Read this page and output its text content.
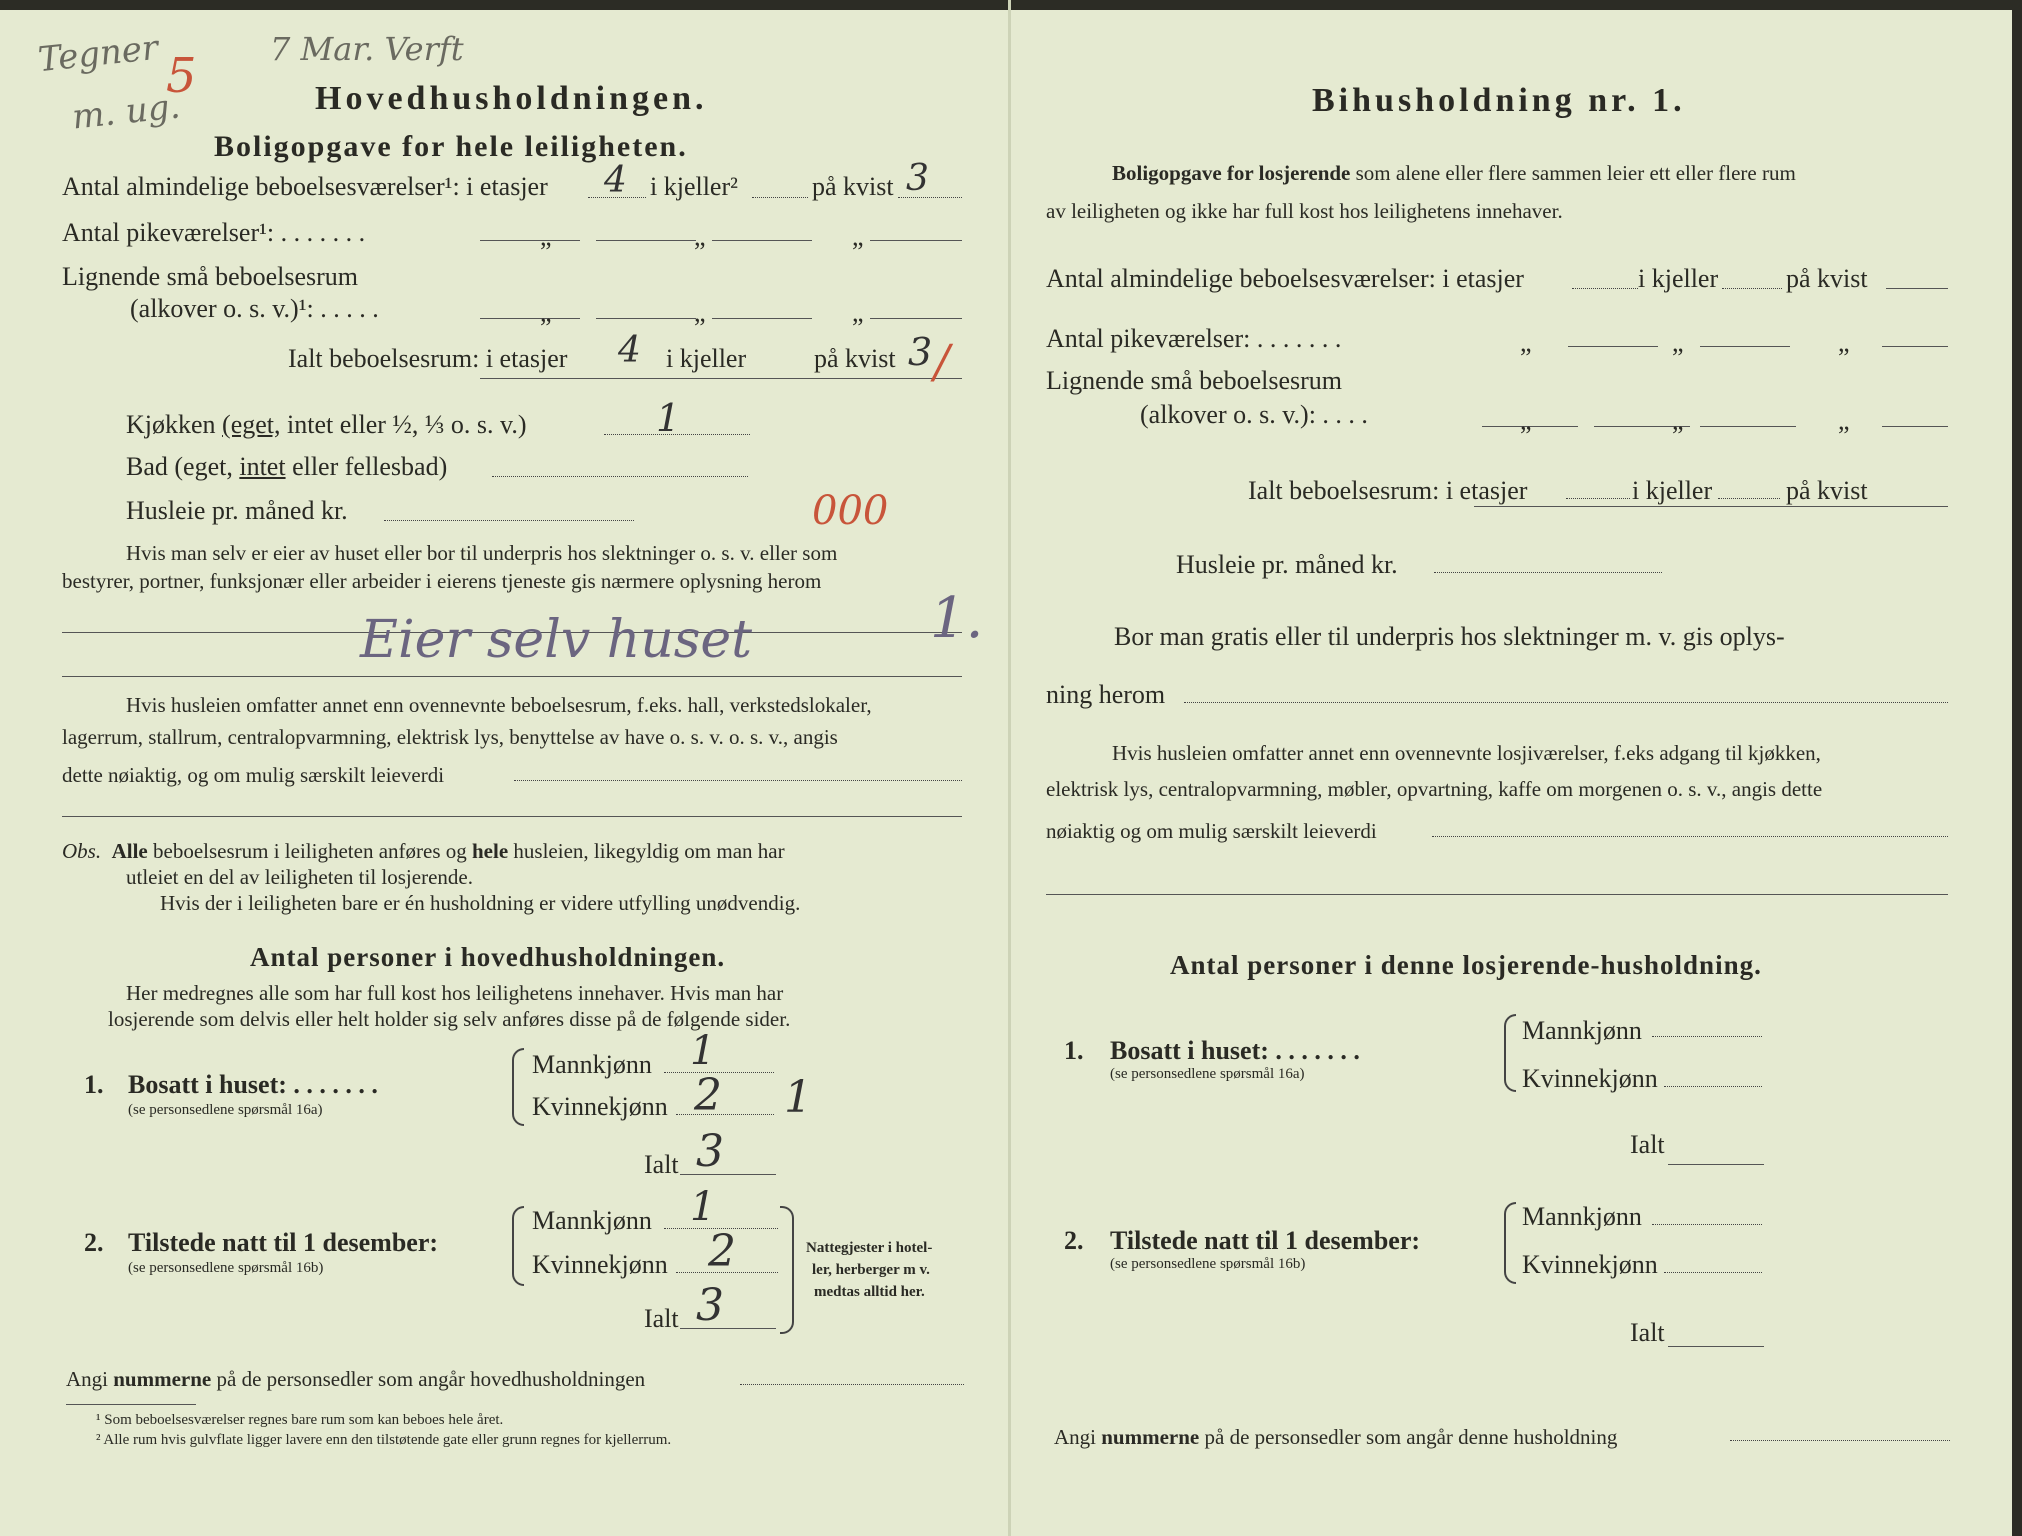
Tegner	7 Mar. Verft
m. ug.
5	Hovedhusholdningen.
Boligopgave for hele leiligheten.
Antal almindelige beboelsesværelser¹: i etasjer 4 i kjeller²	på kvist 3
Antal pikeværelser¹: . . . . . . .	„	„	„
Lignende små beboelsesrum
(alkover o. s. v.)¹: . . . . .	„	„	„
Ialt beboelsesrum: i etasjer 4 i kjeller	på kvist 3 /
Kjøkken (eget, intet eller ½, ⅓ o. s. v.)	1
Bad (eget, intet eller fellesbad)
Husleie pr. måned kr.	000
Hvis man selv er eier av huset eller bor til underpris hos slektninger o. s. v. eller som
bestyrer, portner, funksjonær eller arbeider i eierens tjeneste gis nærmere oplysning herom
Eier selv huset	1.
Hvis husleien omfatter annet enn ovennevnte beboelsesrum, f.eks. hall, verkstedslokaler,
lagerrum, stallrum, centralopvarmning, elektrisk lys, benyttelse av have o. s. v. o. s. v., angis
dette nøiaktig, og om mulig særskilt leieverdi
Obs. Alle beboelsesrum i leiligheten anføres og hele husleien, likegyldig om man har
utleiet en del av leiligheten til losjerende.
Hvis der i leiligheten bare er én husholdning er videre utfylling unødvendig.
Antal personer i hovedhusholdningen.
Her medregnes alle som har full kost hos leilighetens innehaver. Hvis man har
losjerende som delvis eller helt holder sig selv anføres disse på de følgende sider.
1. Bosatt i huset: . . . . . . .
(se personsedlene spørsmål 16a)
Mannkjønn 1
Kvinnekjønn 2 1
Ialt 3
2. Tilstede natt til 1 desember:
(se personsedlene spørsmål 16b)
Mannkjønn 1
Kvinnekjønn 2
Ialt 3
Nattegjester i hotel-
ler, herberger m v.
medtas alltid her.
Angi nummerne på de personsedler som angår hovedhusholdningen
¹ Som beboelsesværelser regnes bare rum som kan beboes hele året.
² Alle rum hvis gulvflate ligger lavere enn den tilstøtende gate eller grunn regnes for kjellerrum.
Bihusholdning nr. 1.
Boligopgave for losjerende som alene eller flere sammen leier ett eller flere rum
av leiligheten og ikke har full kost hos leilighetens innehaver.
Antal almindelige beboelsesværelser: i etasjer	i kjeller	på kvist
Antal pikeværelser: . . . . . . .	„	„	„
Lignende små beboelsesrum
(alkover o. s. v.): . . . .	„	„	„
Ialt beboelsesrum: i etasjer	i kjeller	på kvist
Husleie pr. måned kr.
Bor man gratis eller til underpris hos slektninger m. v. gis oplys-
ning herom
Hvis husleien omfatter annet enn ovennevnte losjiværelser, f.eks adgang til kjøkken,
elektrisk lys, centralopvarmning, møbler, opvartning, kaffe om morgenen o. s. v., angis dette
nøiaktig og om mulig særskilt leieverdi
Antal personer i denne losjerende-husholdning.
1. Bosatt i huset: . . . . . . .
(se personsedlene spørsmål 16a)
Mannkjønn
Kvinnekjønn
Ialt
2. Tilstede natt til 1 desember:
(se personsedlene spørsmål 16b)
Mannkjønn
Kvinnekjønn
Ialt
Angi nummerne på de personsedler som angår denne husholdning
